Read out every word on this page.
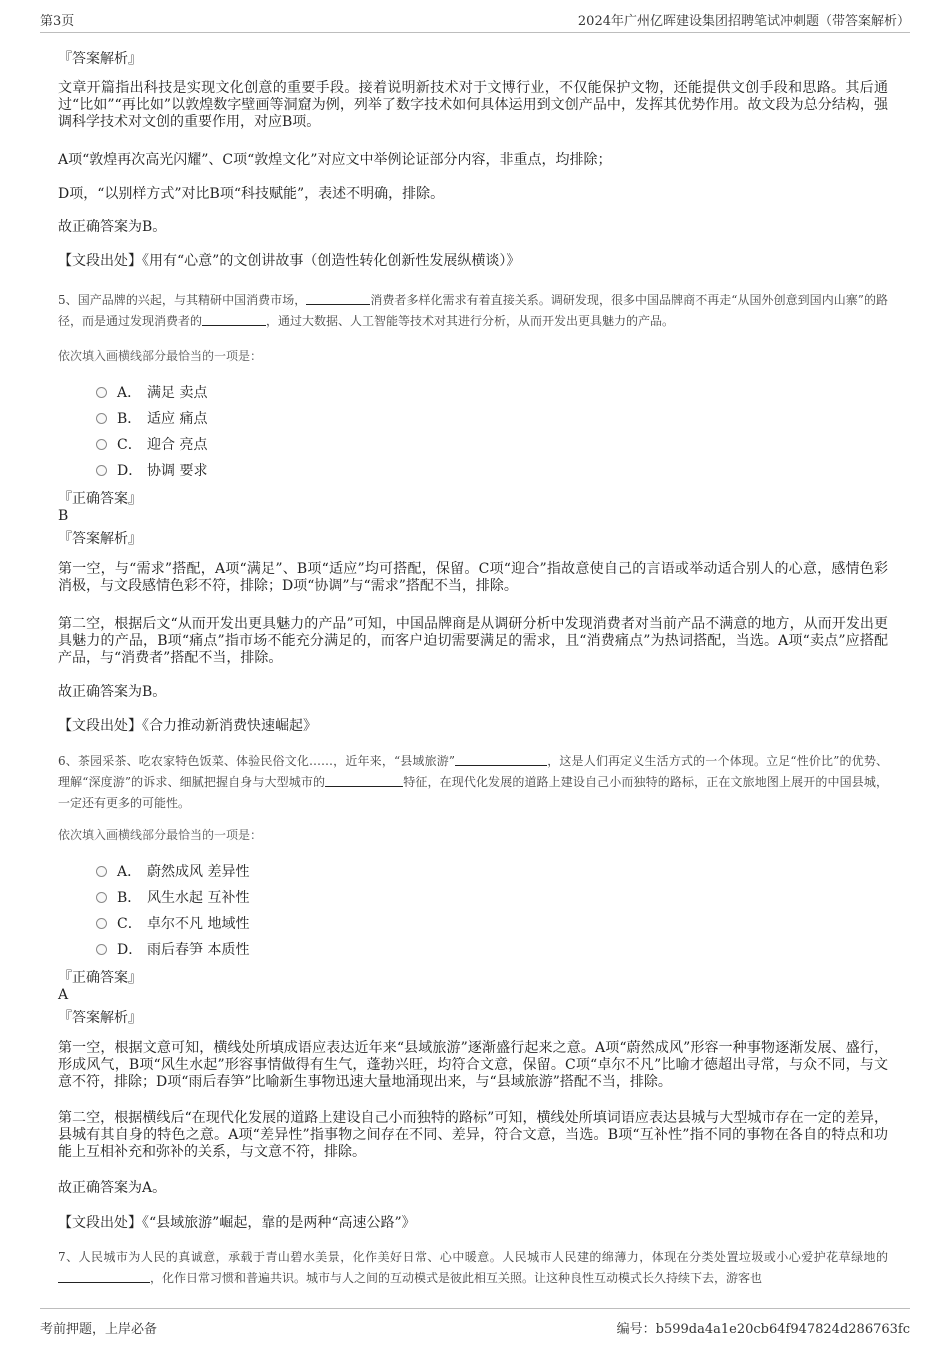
第3页	2024年广州亿晖建设集团招聘笔试冲刺题（带答案解析）
『答案解析』
文章开篇指出科技是实现文化创意的重要手段。接着说明新技术对于文博行业，不仅能保护文物，还能提供文创手段和思路。其后通过“比如”“再比如”以敦煌数字壁画等洞窟为例，列举了数字技术如何具体运用到文创产品中，发挥其优势作用。故文段为总分结构，强调科学技术对文创的重要作用，对应B项。
A项“敦煌再次高光闪耀”、C项“敦煌文化”对应文中举例论证部分内容，非重点，均排除；
D项，“以别样方式”对比B项“科技赋能”，表述不明确，排除。
故正确答案为B。
【文段出处】《用有“心意”的文创讲故事（创造性转化创新性发展纵横谈）》
5、国产品牌的兴起，与其精研中国消费市场，	消费者多样化需求有着直接关系。调研发现，很多中国品牌商不再走“从国外创意到国内山寨”的路径，而是通过发现消费者的	，通过大数据、人工智能等技术对其进行分析，从而开发出更具魅力的产品。
依次填入画横线部分最恰当的一项是：
A． 满足 卖点
B． 适应 痛点
C． 迎合 亮点
D． 协调 要求
『正确答案』
B
『答案解析』
第一空，与“需求”搭配，A项“满足”、B项“适应”均可搭配，保留。C项“迎合”指故意使自己的言语或举动适合别人的心意，感情色彩消极，与文段感情色彩不符，排除；D项“协调”与“需求”搭配不当，排除。
第二空，根据后文“从而开发出更具魅力的产品”可知，中国品牌商是从调研分析中发现消费者对当前产品不满意的地方，从而开发出更具魅力的产品，B项“痛点”指市场不能充分满足的，而客户迫切需要满足的需求，且“消费痛点”为热词搭配，当选。A项“卖点”应搭配产品，与“消费者”搭配不当，排除。
故正确答案为B。
【文段出处】《合力推动新消费快速崛起》
6、茶园采茶、吃农家特色饭菜、体验民俗文化……，近年来，“县域旅游”	，这是人们再定义生活方式的一个体现。立足“性价比”的优势、理解“深度游”的诉求、细腻把握自身与大型城市的	特征，在现代化发展的道路上建设自己小而独特的路标，正在文旅地图上展开的中国县城，一定还有更多的可能性。
依次填入画横线部分最恰当的一项是：
A． 蔚然成风 差异性
B． 风生水起 互补性
C． 卓尔不凡 地域性
D． 雨后春笋 本质性
『正确答案』
A
『答案解析』
第一空，根据文意可知，横线处所填成语应表达近年来“县域旅游”逐渐盛行起来之意。A项“蔚然成风”形容一种事物逐渐发展、盛行，形成风气，B项“风生水起”形容事情做得有生气，蓬勃兴旺，均符合文意，保留。C项“卓尔不凡”比喻才德超出寻常，与众不同，与文意不符，排除；D项“雨后春笋”比喻新生事物迅速大量地涌现出来，与“县域旅游”搭配不当，排除。
第二空，根据横线后“在现代化发展的道路上建设自己小而独特的路标”可知，横线处所填词语应表达县城与大型城市存在一定的差异，县城有其自身的特色之意。A项“差异性”指事物之间存在不同、差异，符合文意，当选。B项“互补性”指不同的事物在各自的特点和功能上互相补充和弥补的关系，与文意不符，排除。
故正确答案为A。
【文段出处】《“县域旅游”崛起，靠的是两种“高速公路”》
7、人民城市为人民的真诚意，承载于青山碧水美景，化作美好日常、心中暖意。人民城市人民建的绵薄力，体现在分类处置垃圾或小心爱护花草绿地的，化作日常习惯和普遍共识。城市与人之间的互动模式是彼此相互关照。让这种良性互动模式长久持续下去，游客也
考前押题，上岸必备	编号：b599da4a1e20cb64f947824d286763fc
